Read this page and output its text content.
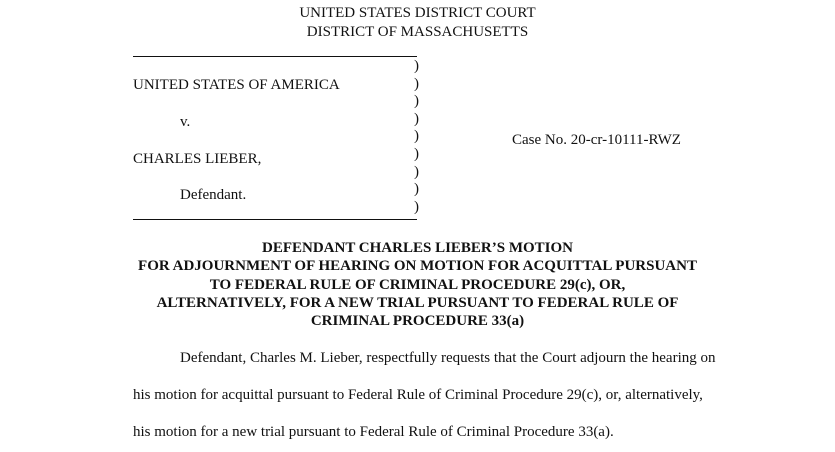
UNITED STATES DISTRICT COURT
DISTRICT OF MASSACHUSETTS
UNITED STATES OF AMERICA
v.
CHARLES LIEBER,
Defendant.
)
)
)
)
)
)
)
)
)
Case No. 20-cr-10111-RWZ
DEFENDANT CHARLES LIEBER’S MOTION
FOR ADJOURNMENT OF HEARING ON MOTION FOR ACQUITTAL PURSUANT
TO FEDERAL RULE OF CRIMINAL PROCEDURE 29(c), OR,
ALTERNATIVELY, FOR A NEW TRIAL PURSUANT TO FEDERAL RULE OF
CRIMINAL PROCEDURE 33(a)
Defendant, Charles M. Lieber, respectfully requests that the Court adjourn the hearing on
his motion for acquittal pursuant to Federal Rule of Criminal Procedure 29(c), or, alternatively,
his motion for a new trial pursuant to Federal Rule of Criminal Procedure 33(a).
